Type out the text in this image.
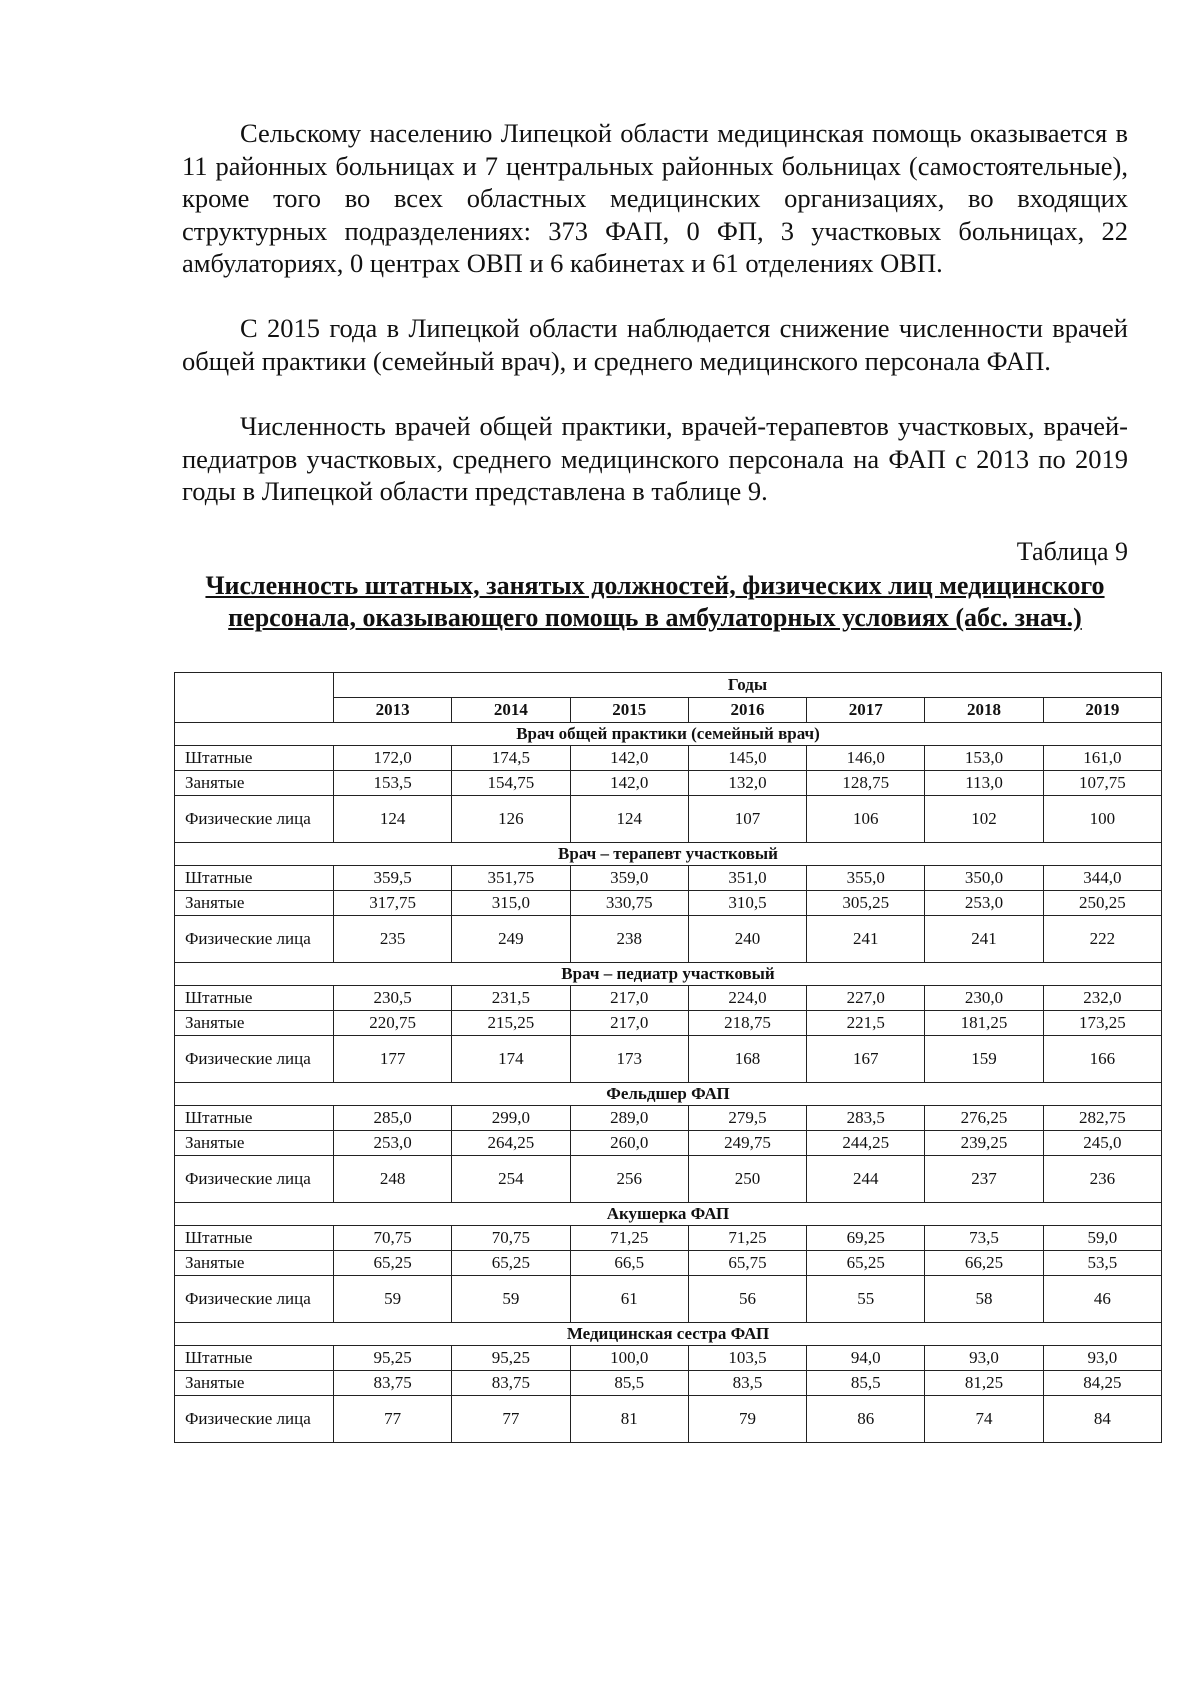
Сельскому населению Липецкой области медицинская помощь оказывается в 11 районных больницах и 7 центральных районных больницах (самостоятельные), кроме того во всех областных медицинских организациях, во входящих структурных подразделениях: 373 ФАП, 0 ФП, 3 участковых больницах, 22 амбулаториях, 0 центрах ОВП и 6 кабинетах и 61 отделениях ОВП.

С 2015 года в Липецкой области наблюдается снижение численности врачей общей практики (семейный врач), и среднего медицинского персонала ФАП.

Численность врачей общей практики, врачей-терапевтов участковых, врачей-педиатров участковых, среднего медицинского персонала на ФАП с 2013 по 2019 годы в Липецкой области представлена в таблице 9.

Таблица 9

Численность штатных, занятых должностей, физических лиц медицинского персонала, оказывающего помощь в амбулаторных условиях (абс. знач.)

	Годы						
	2013	2014	2015	2016	2017	2018	2019
Врач общей практики (семейный врач)							
Штатные	172,0	174,5	142,0	145,0	146,0	153,0	161,0
Занятые	153,5	154,75	142,0	132,0	128,75	113,0	107,75
Физические лица	124	126	124	107	106	102	100
Врач – терапевт участковый							
Штатные	359,5	351,75	359,0	351,0	355,0	350,0	344,0
Занятые	317,75	315,0	330,75	310,5	305,25	253,0	250,25
Физические лица	235	249	238	240	241	241	222
Врач – педиатр участковый							
Штатные	230,5	231,5	217,0	224,0	227,0	230,0	232,0
Занятые	220,75	215,25	217,0	218,75	221,5	181,25	173,25
Физические лица	177	174	173	168	167	159	166
Фельдшер ФАП							
Штатные	285,0	299,0	289,0	279,5	283,5	276,25	282,75
Занятые	253,0	264,25	260,0	249,75	244,25	239,25	245,0
Физические лица	248	254	256	250	244	237	236
Акушерка ФАП							
Штатные	70,75	70,75	71,25	71,25	69,25	73,5	59,0
Занятые	65,25	65,25	66,5	65,75	65,25	66,25	53,5
Физические лица	59	59	61	56	55	58	46
Медицинская сестра ФАП							
Штатные	95,25	95,25	100,0	103,5	94,0	93,0	93,0
Занятые	83,75	83,75	85,5	83,5	85,5	81,25	84,25
Физические лица	77	77	81	79	86	74	84
